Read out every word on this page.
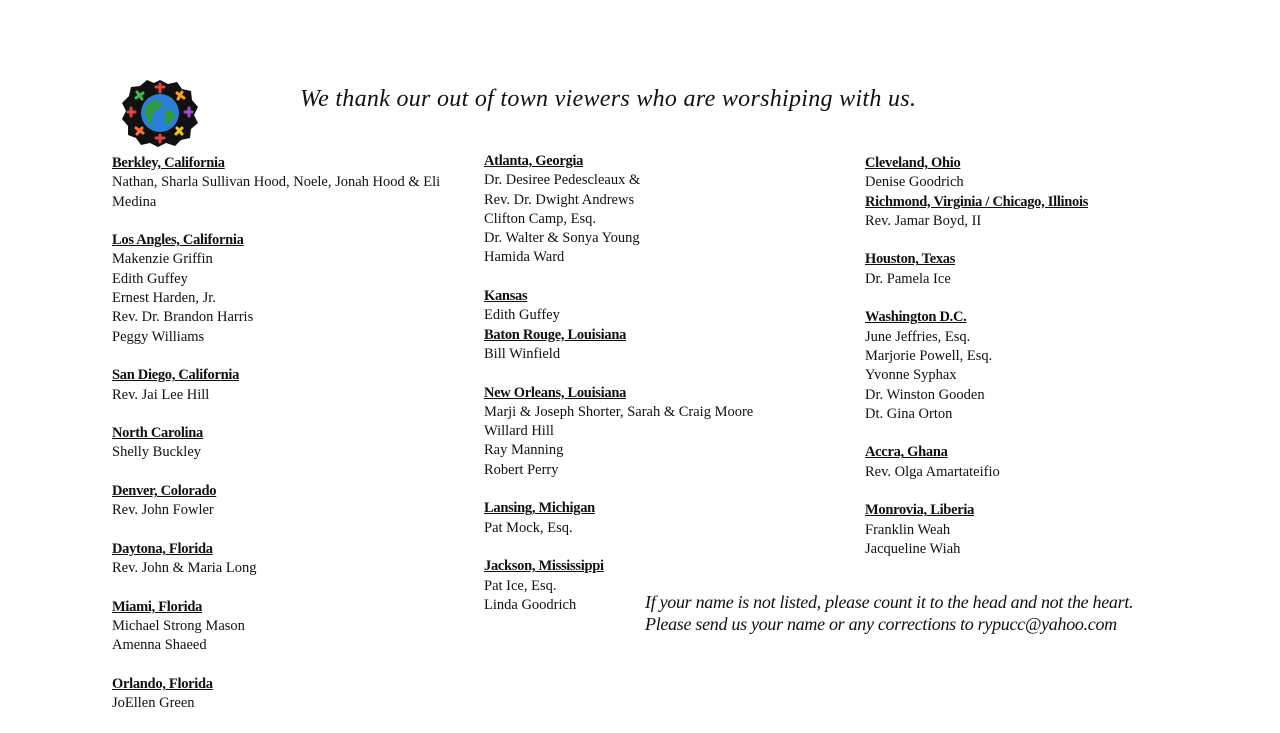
We thank our out of town viewers who are worshiping with us.
Berkley, California
Nathan, Sharla Sullivan Hood, Noele, Jonah Hood & Eli Medina
Los Angles, California
Makenzie Griffin
Edith Guffey
Ernest Harden, Jr.
Rev. Dr. Brandon Harris
Peggy Williams
San Diego, California
Rev. Jai Lee Hill
North Carolina
Shelly Buckley
Denver, Colorado
Rev. John Fowler
Daytona, Florida
Rev. John & Maria Long
Miami, Florida
Michael Strong Mason
Amenna Shaeed
Orlando, Florida
JoEllen Green
Atlanta, Georgia
Dr. Desiree Pedescleaux &
Rev. Dr. Dwight Andrews
Clifton Camp, Esq.
Dr. Walter & Sonya Young
Hamida Ward
Kansas
Edith Guffey
Baton Rouge, Louisiana
Bill Winfield
New Orleans, Louisiana
Marji & Joseph Shorter, Sarah & Craig Moore
Willard Hill
Ray Manning
Robert Perry
Lansing, Michigan
Pat Mock, Esq.
Jackson, Mississippi
Pat Ice, Esq.
Linda Goodrich
Cleveland, Ohio
Denise Goodrich
Richmond, Virginia / Chicago, Illinois
Rev. Jamar Boyd, II
Houston, Texas
Dr. Pamela Ice
Washington D.C.
June Jeffries, Esq.
Marjorie Powell, Esq.
Yvonne Syphax
Dr. Winston Gooden
Dt. Gina Orton
Accra, Ghana
Rev. Olga Amartateifio
Monrovia, Liberia
Franklin Weah
Jacqueline Wiah
If your name is not listed, please count it to the head and not the heart.
Please send us your name or any corrections to rypucc@yahoo.com
